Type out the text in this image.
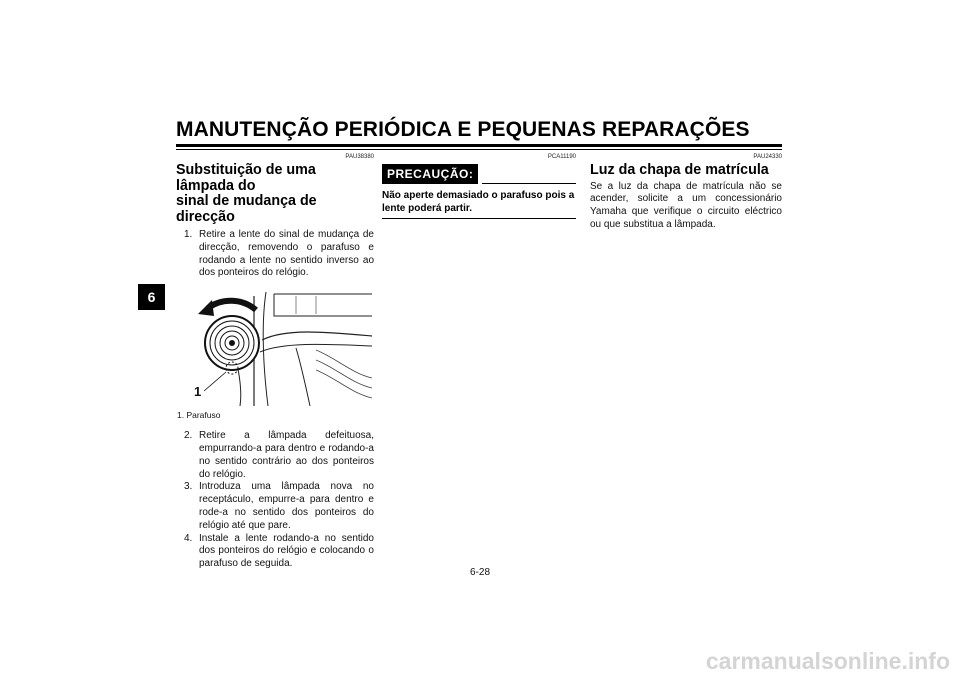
MANUTENÇÃO PERIÓDICA E PEQUENAS REPARAÇÕES
6
PAU38380
Substituição de uma lâmpada do
sinal de mudança de direcção
1. Retire a lente do sinal de mudança de direcção, removendo o parafuso e rodando a lente no sentido inverso ao dos ponteiros do relógio.
1
1. Parafuso
2. Retire a lâmpada defeituosa, empurrando-a para dentro e rodando-a no sentido contrário ao dos ponteiros do relógio.
3. Introduza uma lâmpada nova no receptáculo, empurre-a para dentro e rode-a no sentido dos ponteiros do relógio até que pare.
4. Instale a lente rodando-a no sentido dos ponteiros do relógio e colocando o parafuso de seguida.
PCA11190
PRECAUÇÃO:
Não aperte demasiado o parafuso pois a lente poderá partir.
PAU24330
Luz da chapa de matrícula
Se a luz da chapa de matrícula não se acender, solicite a um concessionário Yamaha que verifique o circuito eléctrico ou que substitua a lâmpada.
6-28
carmanualsonline.info
